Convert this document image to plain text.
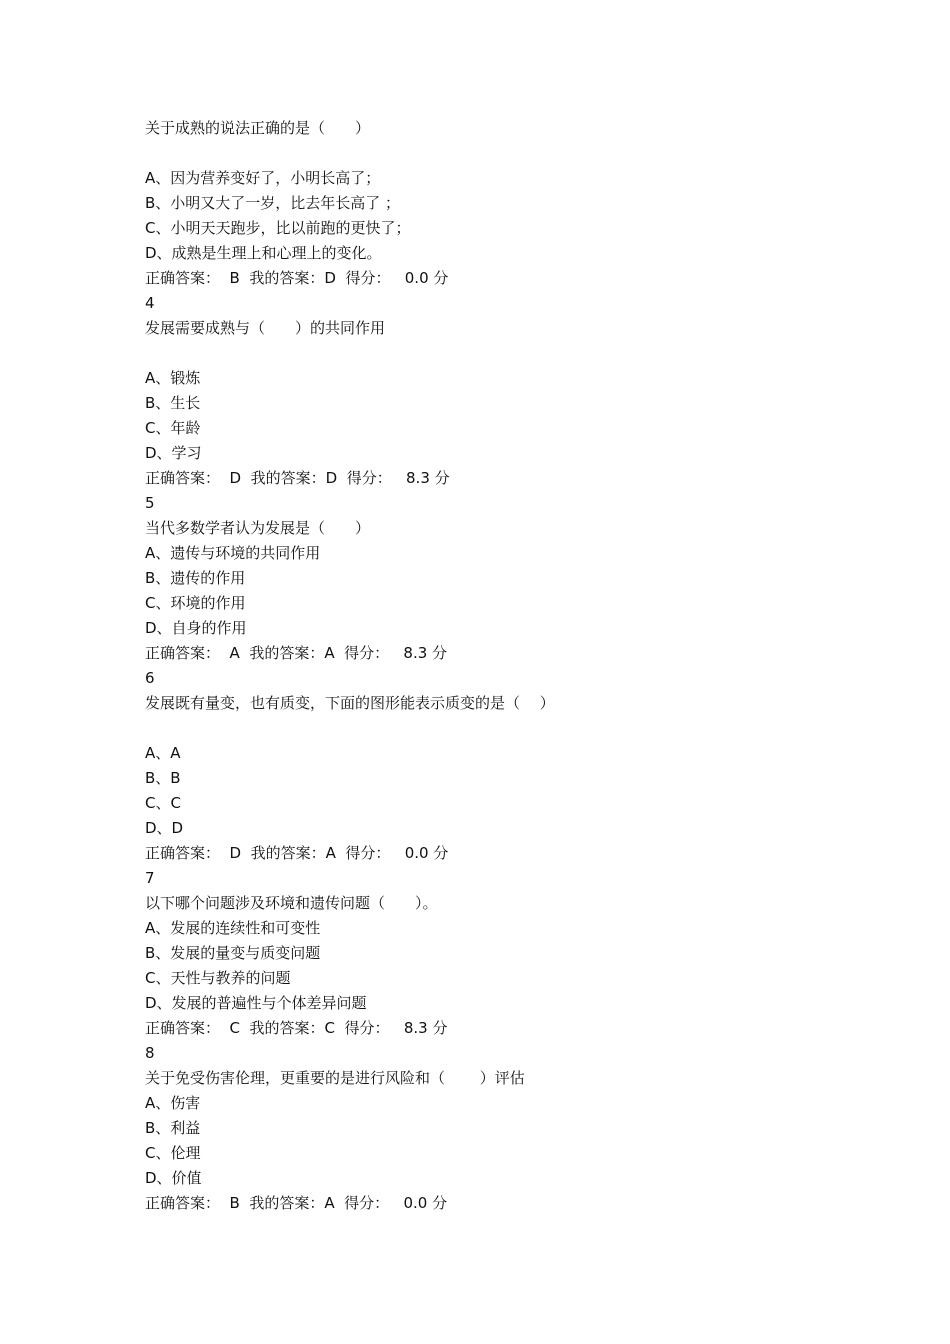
关于成熟的说法正确的是（　　）
A、因为营养变好了，小明长高了；
B、小明又大了一岁，比去年长高了 ；
C、小明天天跑步，比以前跑的更快了；
D、成熟是生理上和心理上的变化。
正确答案：  B  我的答案：D  得分：   0.0 分
4
发展需要成熟与（　　）的共同作用
A、锻炼
B、生长
C、年龄
D、学习
正确答案：  D  我的答案：D  得分：   8.3 分
5
当代多数学者认为发展是（　　）
A、遗传与环境的共同作用
B、遗传的作用
C、环境的作用
D、自身的作用
正确答案：  A  我的答案：A  得分：   8.3 分
6
发展既有量变，也有质变，下面的图形能表示质变的是（　 ）
A、A
B、B
C、C
D、D
正确答案：  D  我的答案：A  得分：   0.0 分
7
以下哪个问题涉及环境和遗传问题（　　）。
A、发展的连续性和可变性
B、发展的量变与质变问题
C、天性与教养的问题
D、发展的普遍性与个体差异问题
正确答案：  C  我的答案：C  得分：   8.3 分
8
关于免受伤害伦理，更重要的是进行风险和（　　 ）评估
A、伤害
B、利益
C、伦理
D、价值
正确答案：  B  我的答案：A  得分：   0.0 分
